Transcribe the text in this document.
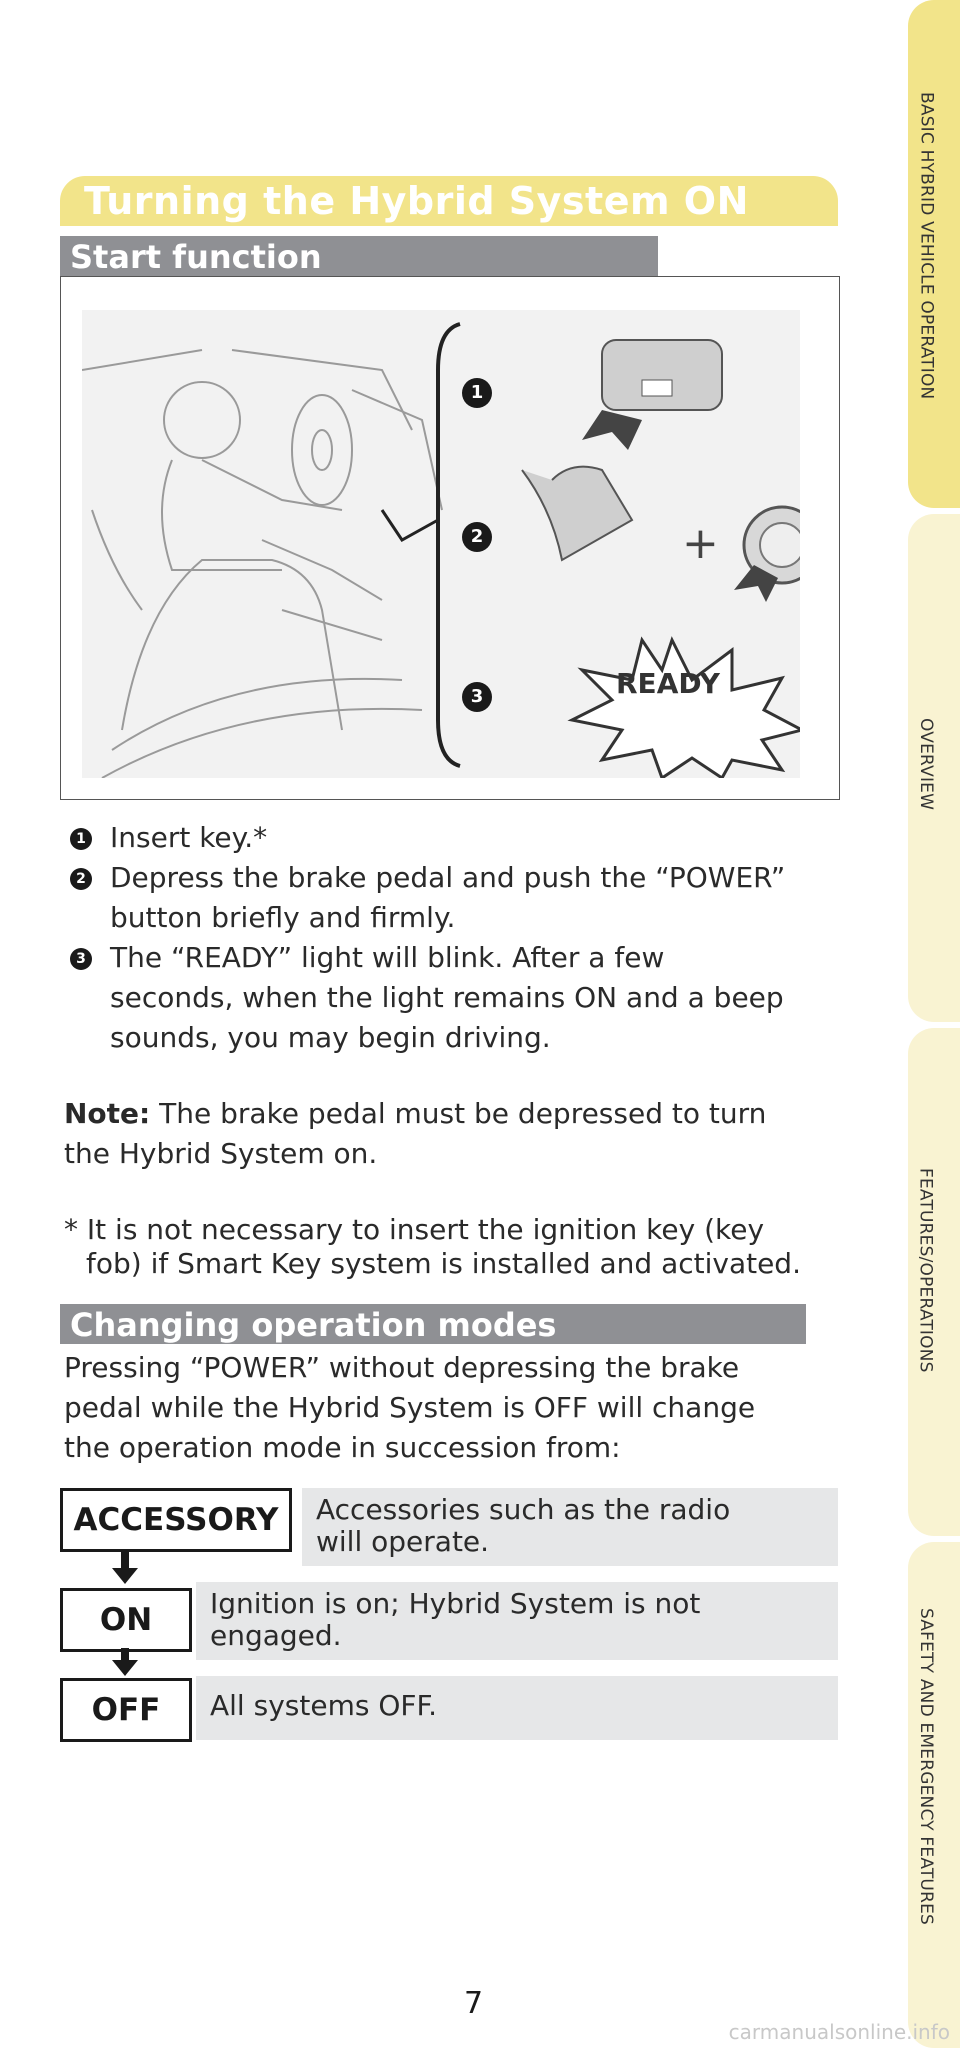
BASIC HYBRID VEHICLE OPERATION
OVERVIEW
FEATURES/OPERATIONS
SAFETY AND EMERGENCY FEATURES
Turning the Hybrid System ON
Start function
+
READY
1
2
3
1 Insert key.*
2 Depress the brake pedal and push the “POWER”
button briefly and firmly.
3 The “READY” light will blink. After a few
seconds, when the light remains ON and a beep
sounds, you may begin driving.
Note: The brake pedal must be depressed to turn
the Hybrid System on.
* It is not necessary to insert the ignition key (key
fob) if Smart Key system is installed and activated.
Changing operation modes
Pressing “POWER” without depressing the brake
pedal while the Hybrid System is OFF will change
the operation mode in succession from:
ACCESSORY	Accessories such as the radio
will operate.
ON	Ignition is on; Hybrid System is not
engaged.
OFF	All systems OFF.
7
carmanualsonline.info
